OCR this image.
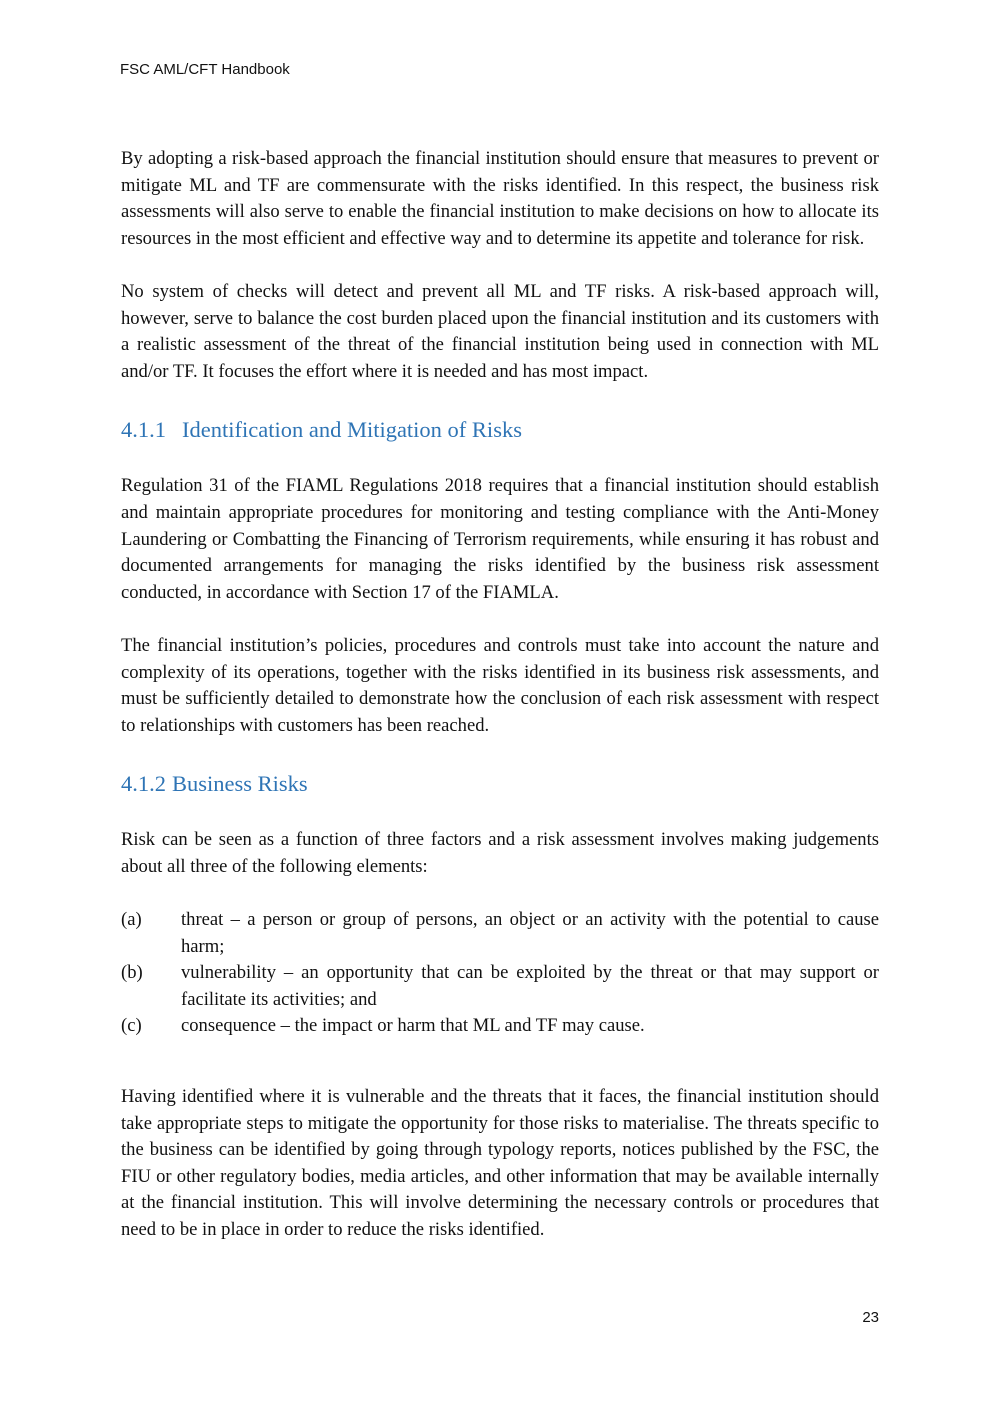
FSC AML/CFT Handbook

By adopting a risk-based approach the financial institution should ensure that measures to prevent or mitigate ML and TF are commensurate with the risks identified. In this respect, the business risk assessments will also serve to enable the financial institution to make decisions on how to allocate its resources in the most efficient and effective way and to determine its appetite and tolerance for risk.

No system of checks will detect and prevent all ML and TF risks. A risk-based approach will, however, serve to balance the cost burden placed upon the financial institution and its customers with a realistic assessment of the threat of the financial institution being used in connection with ML and/or TF. It focuses the effort where it is needed and has most impact.

4.1.1 Identification and Mitigation of Risks

Regulation 31 of the FIAML Regulations 2018 requires that a financial institution should establish and maintain appropriate procedures for monitoring and testing compliance with the Anti-Money Laundering or Combatting the Financing of Terrorism requirements, while ensuring it has robust and documented arrangements for managing the risks identified by the business risk assessment conducted, in accordance with Section 17 of the FIAMLA.

The financial institution’s policies, procedures and controls must take into account the nature and complexity of its operations, together with the risks identified in its business risk assessments, and must be sufficiently detailed to demonstrate how the conclusion of each risk assessment with respect to relationships with customers has been reached.

4.1.2 Business Risks

Risk can be seen as a function of three factors and a risk assessment involves making judgements about all three of the following elements:

(a)	threat – a person or group of persons, an object or an activity with the potential to cause harm;
(b)	vulnerability – an opportunity that can be exploited by the threat or that may support or facilitate its activities; and
(c)	consequence – the impact or harm that ML and TF may cause.

Having identified where it is vulnerable and the threats that it faces, the financial institution should take appropriate steps to mitigate the opportunity for those risks to materialise. The threats specific to the business can be identified by going through typology reports, notices published by the FSC, the FIU or other regulatory bodies, media articles, and other information that may be available internally at the financial institution. This will involve determining the necessary controls or procedures that need to be in place in order to reduce the risks identified.

23
